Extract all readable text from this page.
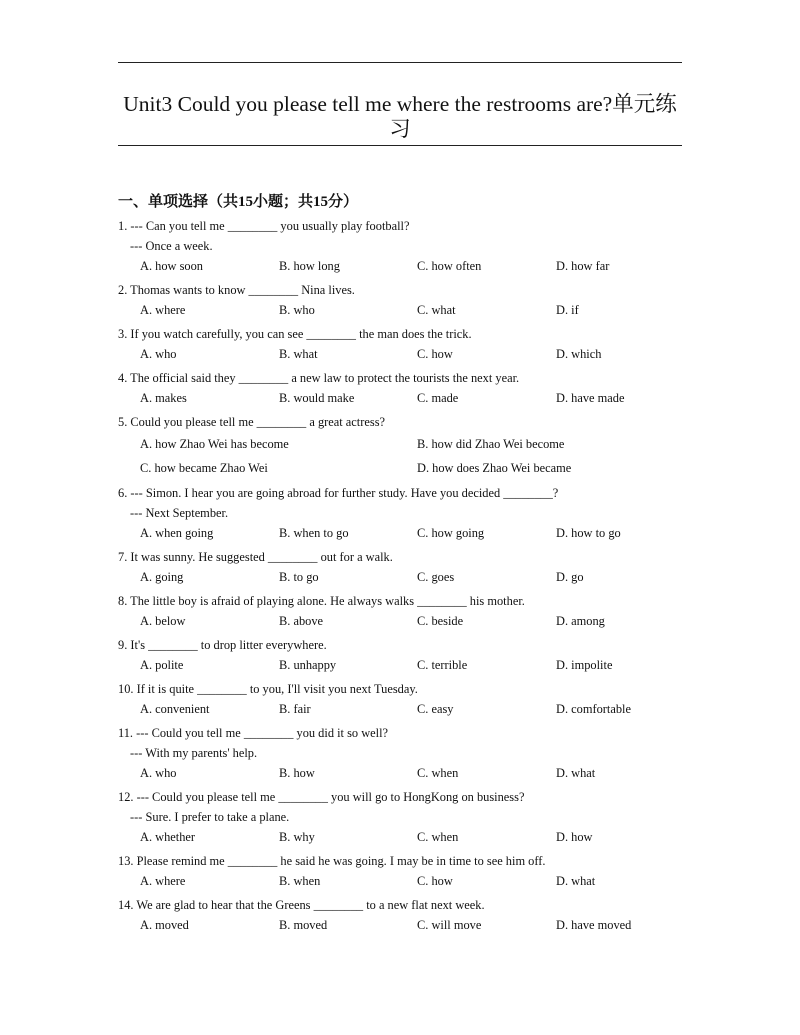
Unit3 Could you please tell me where the restrooms are?单元练习
一、单项选择（共15小题；共15分）
1. --- Can you tell me ________ you usually play football?
--- Once a week.
A. how soon	B. how long	C. how often	D. how far
2. Thomas wants to know ________ Nina lives.
A. where	B. who	C. what	D. if
3. If you watch carefully, you can see ________ the man does the trick.
A. who	B. what	C. how	D. which
4. The official said they ________ a new law to protect the tourists the next year.
A. makes	B. would make	C. made	D. have made
5. Could you please tell me ________ a great actress?
A. how Zhao Wei has become	B. how did Zhao Wei become
C. how became Zhao Wei	D. how does Zhao Wei became
6. --- Simon. I hear you are going abroad for further study. Have you decided ________?
--- Next September.
A. when going	B. when to go	C. how going	D. how to go
7. It was sunny. He suggested ________ out for a walk.
A. going	B. to go	C. goes	D. go
8. The little boy is afraid of playing alone. He always walks ________ his mother.
A. below	B. above	C. beside	D. among
9. It's ________ to drop litter everywhere.
A. polite	B. unhappy	C. terrible	D. impolite
10. If it is quite ________ to you, I'll visit you next Tuesday.
A. convenient	B. fair	C. easy	D. comfortable
11. --- Could you tell me ________ you did it so well?
--- With my parents' help.
A. who	B. how	C. when	D. what
12. --- Could you please tell me ________ you will go to HongKong on business?
--- Sure. I prefer to take a plane.
A. whether	B. why	C. when	D. how
13. Please remind me ________ he said he was going. I may be in time to see him off.
A. where	B. when	C. how	D. what
14. We are glad to hear that the Greens ________ to a new flat next week.
A. moved	B. moved	C. will move	D. have moved
